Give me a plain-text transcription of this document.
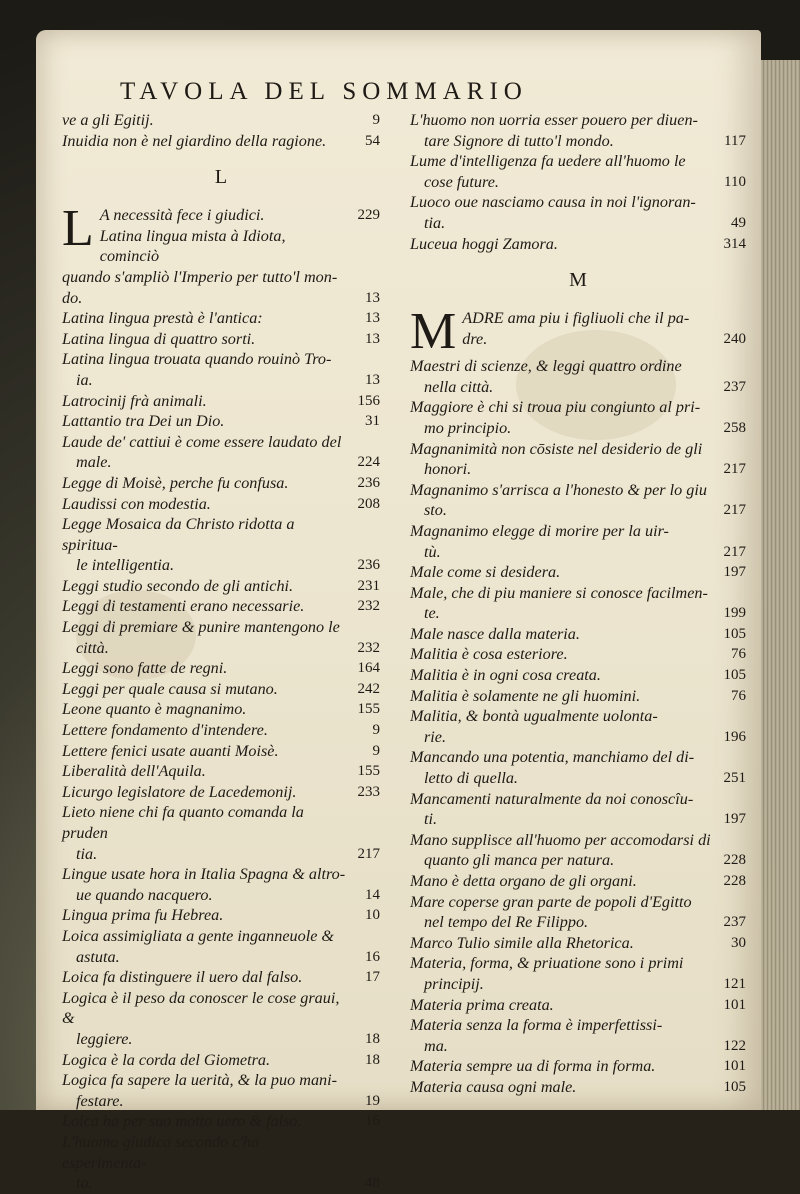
TAVOLA DEL SOMMARIO
ve a gli Egitij.	9
Inuidia non è nel giardino della ragione.	54
L
L A necessità fece i giudici.	229
Latina lingua mista à Idiota, cominciò
quando s'ampliò l'Imperio per tutto'l mon-
do.	13
Latina lingua prestà è l'antica:	13
Latina lingua di quattro sorti.	13
Latina lingua trouata quando rouinò Tro-
ia.	13
Latrocinij frà animali.	156
Lattantio tra Dei un Dio.	31
Laude de' cattiui è come essere laudato del
male.	224
Legge di Moisè, perche fu confusa.	236
Laudissi con modestia.	208
Legge Mosaica da Christo ridotta a spiritua-
le intelligentia.	236
Leggi studio secondo de gli antichi.	231
Leggi di testamenti erano necessarie.	232
Leggi di premiare & punire mantengono le
città.	232
Leggi sono fatte de regni.	164
Leggi per quale causa si mutano.	242
Leone quanto è magnanimo.	155
Lettere fondamento d'intendere.	9
Lettere fenici usate auanti Moisè.	9
Liberalità dell'Aquila.	155
Licurgo legislatore de Lacedemonij.	233
Lieto niene chi fa quanto comanda la pruden
tia.	217
Lingue usate hora in Italia Spagna & altro-
ue quando nacquero.	14
Lingua prima fu Hebrea.	10
Loica assimigliata a gente inganneuole &
astuta.	16
Loica fa distinguere il uero dal falso.	17
Logica è il peso da conoscer le cose graui, &
leggiere.	18
Logica è la corda del Giometra.	18
Logica fa sapere la uerità, & la puo mani-
festare.	19
Loica ha per suo motto uero & falso.	16
L'huomo giudica secondo c'ha esperimenta-
to.	48
L'huomo non uorria esser pouero per diuen-
tare Signore di tutto'l mondo.	117
Lume d'intelligenza fa uedere all'huomo le
cose future.	110
Luoco oue nasciamo causa in noi l'ignoran-
tia.	49
Luceua hoggi Zamora.	314
M
M ADRE ama piu i figliuoli che il pa-
dre.	240
Maestri di scienze, & leggi quattro ordine
nella città.	237
Maggiore è chi si troua piu congiunto al pri-
mo principio.	258
Magnanimità non cōsiste nel desiderio de gli
honori.	217
Magnanimo s'arrisca a l'honesto & per lo giu
sto.	217
Magnanimo elegge di morire per la uir-
tù.	217
Male come si desidera.	197
Male, che di piu maniere si conosce facilmen-
te.	199
Male nasce dalla materia.	105
Malitia è cosa esteriore.	76
Malitia è in ogni cosa creata.	105
Malitia è solamente ne gli huomini.	76
Malitia, & bontà ugualmente uolonta-
rie.	196
Mancando una potentia, manchiamo del di-
letto di quella.	251
Mancamenti naturalmente da noi conoscîu-
ti.	197
Mano supplisce all'huomo per accomodarsi di
quanto gli manca per natura.	228
Mano è detta organo de gli organi.	228
Mare coperse gran parte de popoli d'Egitto
nel tempo del Re Filippo.	237
Marco Tulio simile alla Rhetorica.	30
Materia, forma, & priuatione sono i primi
principij.	121
Materia prima creata.	101
Materia senza la forma è imperfettissi-
ma.	122
Materia sempre ua di forma in forma.	101
Materia causa ogni male.	105
